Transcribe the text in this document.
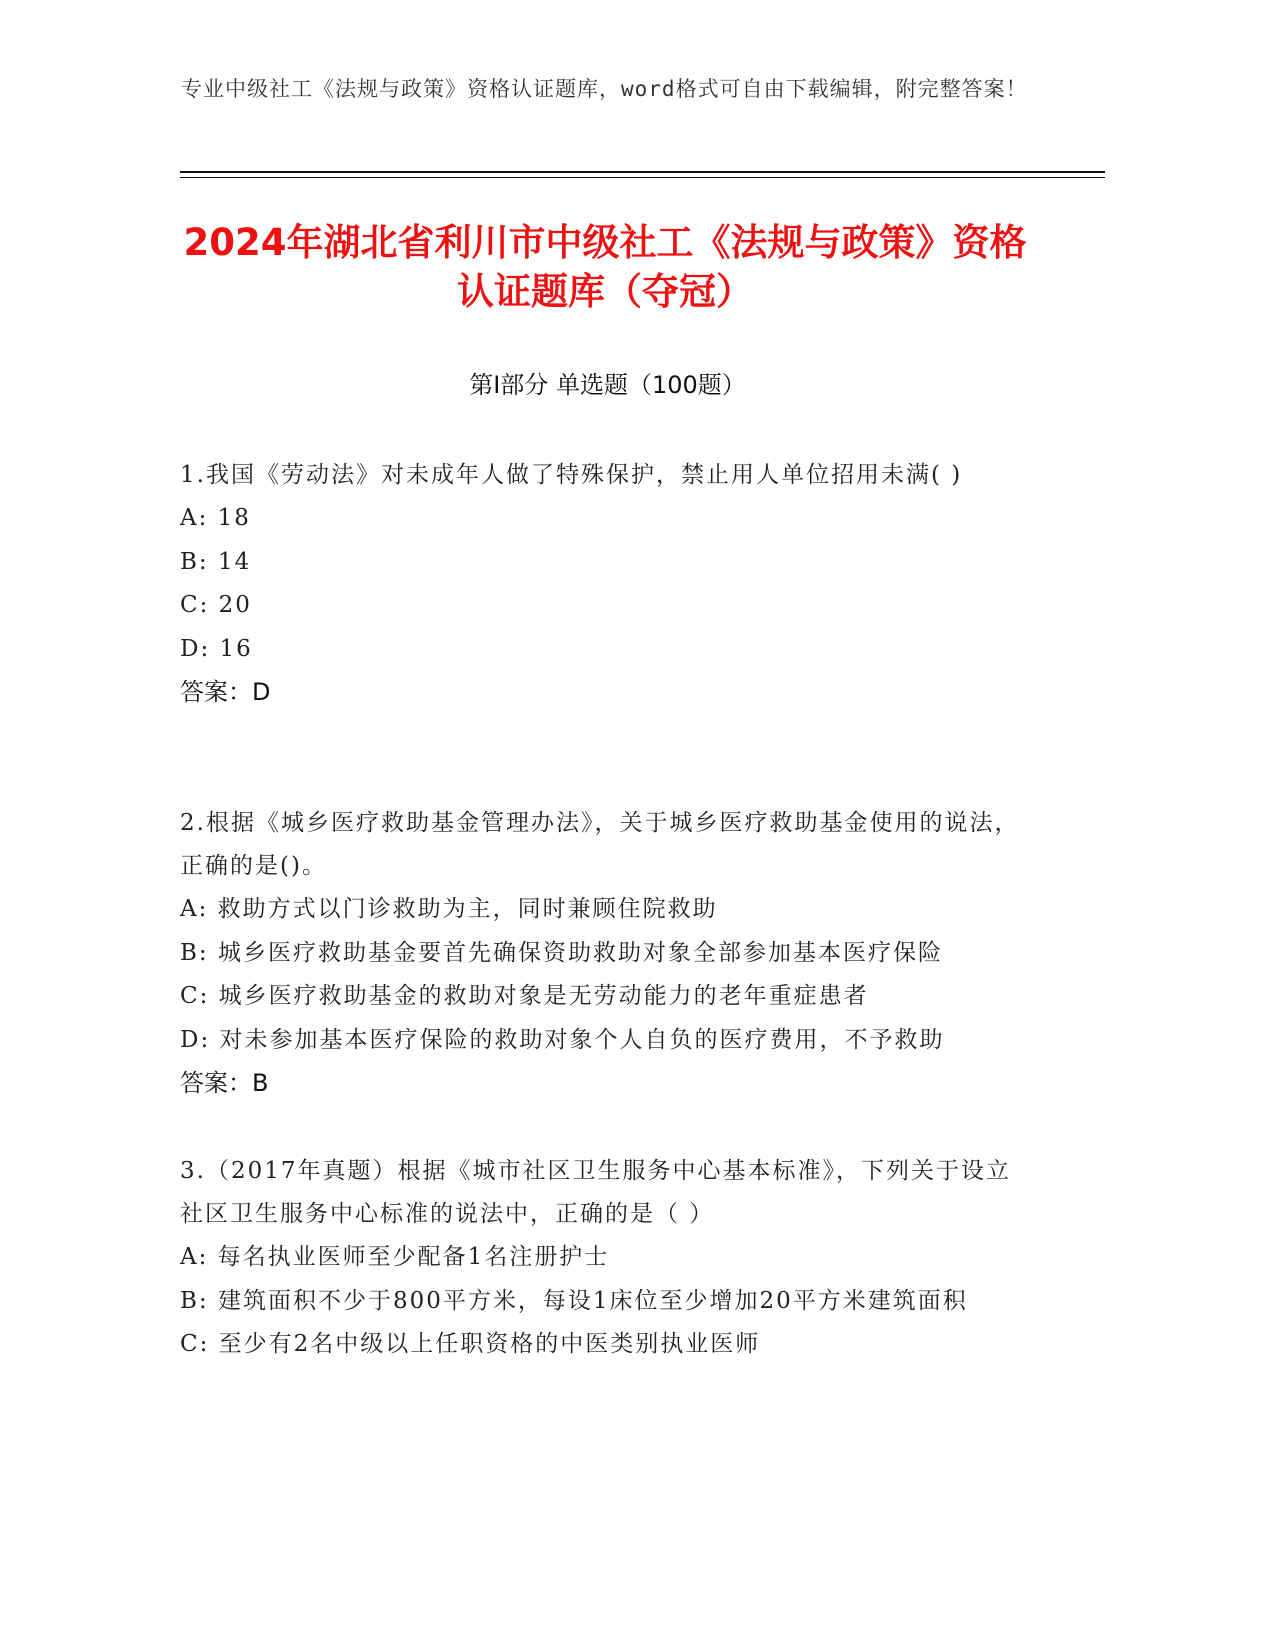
专业中级社工《法规与政策》资格认证题库，word格式可自由下载编辑，附完整答案！
2024年湖北省利川市中级社工《法规与政策》资格认证题库（夺冠）
第I部分 单选题（100题）
1.我国《劳动法》对未成年人做了特殊保护，禁止用人单位招用未满( )
A: 18
B: 14
C: 20
D: 16
答案：D
2.根据《城乡医疗救助基金管理办法》，关于城乡医疗救助基金使用的说法，正确的是()。
A: 救助方式以门诊救助为主，同时兼顾住院救助
B: 城乡医疗救助基金要首先确保资助救助对象全部参加基本医疗保险
C: 城乡医疗救助基金的救助对象是无劳动能力的老年重症患者
D: 对未参加基本医疗保险的救助对象个人自负的医疗费用，不予救助
答案：B
3.（2017年真题）根据《城市社区卫生服务中心基本标准》，下列关于设立社区卫生服务中心标准的说法中，正确的是（ ）
A: 每名执业医师至少配备1名注册护士
B: 建筑面积不少于800平方米，每设1床位至少增加20平方米建筑面积
C: 至少有2名中级以上任职资格的中医类别执业医师
